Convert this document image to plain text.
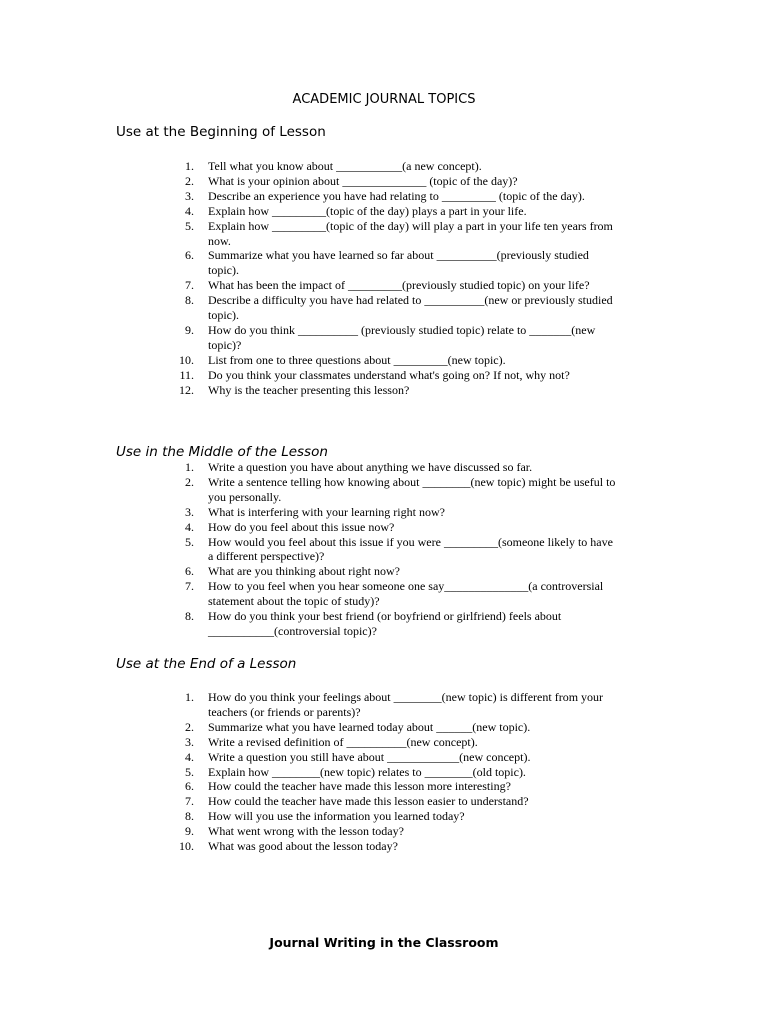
ACADEMIC JOURNAL TOPICS
Use at the Beginning of Lesson
1. Tell what you know about ___________(a new concept).
2. What is your opinion about ______________ (topic of the day)?
3. Describe an experience you have had relating to _________ (topic of the day).
4. Explain how _________(topic of the day) plays a part in your life.
5. Explain how _________(topic of the day) will play a part in your life ten years from now.
6. Summarize what you have learned so far about __________(previously studied topic).
7. What has been the impact of _________(previously studied topic) on your life?
8. Describe a difficulty you have had related to __________(new or previously studied topic).
9. How do you think __________ (previously studied topic) relate to _______(new topic)?
10. List from one to three questions about _________(new topic).
11. Do you think your classmates understand what's going on? If not, why not?
12. Why is the teacher presenting this lesson?
Use in the Middle of the Lesson
1. Write a question you have about anything we have discussed so far.
2. Write a sentence telling how knowing about ________(new topic) might be useful to you personally.
3. What is interfering with your learning right now?
4. How do you feel about this issue now?
5. How would you feel about this issue if you were _________(someone likely to have a different perspective)?
6. What are you thinking about right now?
7. How to you feel when you hear someone one say______________(a controversial statement about the topic of study)?
8. How do you think your best friend (or boyfriend or girlfriend) feels about ___________(controversial topic)?
Use at the End of a Lesson
1. How do you think your feelings about ________(new topic) is different from your teachers (or friends or parents)?
2. Summarize what you have learned today about ______(new topic).
3. Write a revised definition of __________(new concept).
4. Write a question you still have about ____________(new concept).
5. Explain how ________(new topic) relates to ________(old topic).
6. How could the teacher have made this lesson more interesting?
7. How could the teacher have made this lesson easier to understand?
8. How will you use the information you learned today?
9. What went wrong with the lesson today?
10. What was good about the lesson today?
Journal Writing in the Classroom
